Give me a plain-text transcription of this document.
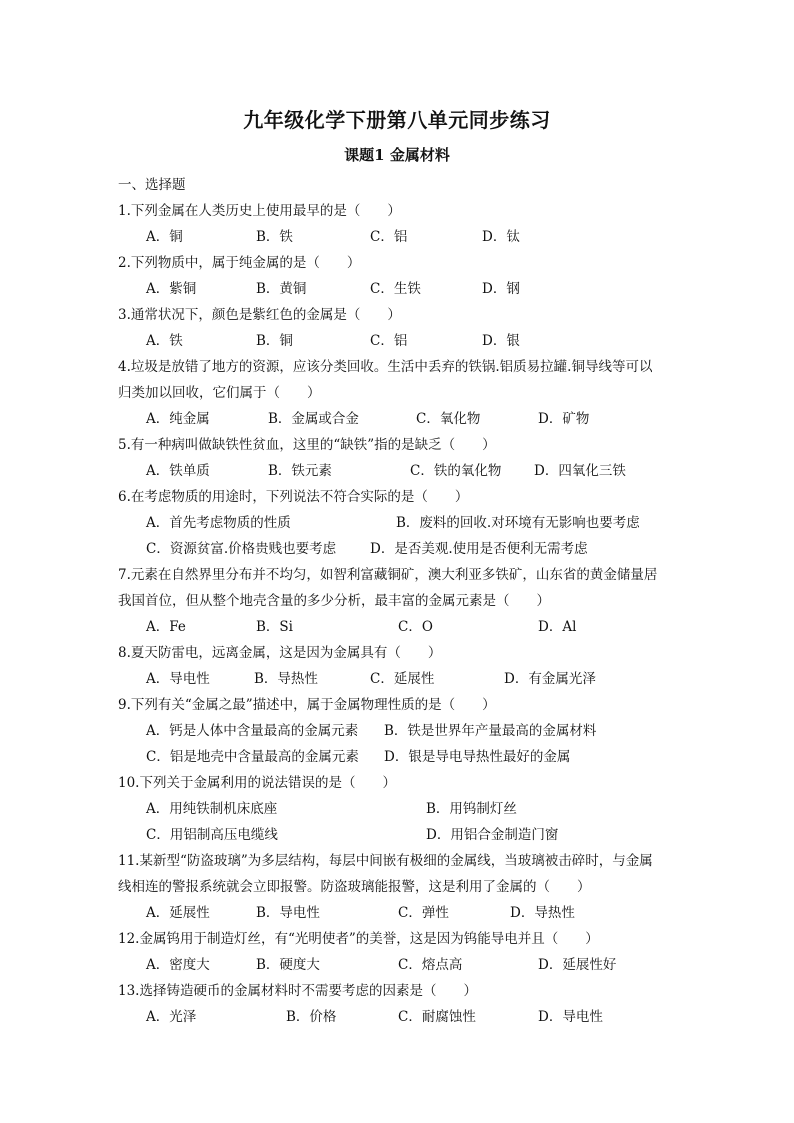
九年级化学下册第八单元同步练习
课题1 金属材料
一、选择题
1.下列金属在人类历史上使用最早的是（　　）
A．铜	B．铁	C．铝	D．钛
2.下列物质中，属于纯金属的是（　　）
A．紫铜	B．黄铜	C．生铁	D．钢
3.通常状况下，颜色是紫红色的金属是（　　）
A．铁	B．铜	C．铝	D．银
4.垃圾是放错了地方的资源，应该分类回收。生活中丢弃的铁锅.铝质易拉罐.铜导线等可以
归类加以回收，它们属于（　　）
A．纯金属	B．金属或合金	C．氧化物	D．矿物
5.有一种病叫做缺铁性贫血，这里的“缺铁”指的是缺乏（　　）
A．铁单质	B．铁元素	C．铁的氧化物 D．四氧化三铁
6.在考虑物质的用途时，下列说法不符合实际的是（　　）
A．首先考虑物质的性质	B．废料的回收.对环境有无影响也要考虑
C．资源贫富.价格贵贱也要考虑	D．是否美观.使用是否便利无需考虑
7.元素在自然界里分布并不均匀，如智利富藏铜矿，澳大利亚多铁矿，山东省的黄金储量居
我国首位，但从整个地壳含量的多少分析，最丰富的金属元素是（　　）
A．Fe	B．Si	C．O	D．Al
8.夏天防雷电，远离金属，这是因为金属具有（　　）
A．导电性	B．导热性	C．延展性	D．有金属光泽
9.下列有关“金属之最”描述中，属于金属物理性质的是（　　）
A．钙是人体中含量最高的金属元素 B．铁是世界年产量最高的金属材料
C．铝是地壳中含量最高的金属元素 D．银是导电导热性最好的金属
10.下列关于金属利用的说法错误的是（　　）
A．用纯铁制机床底座	B．用钨制灯丝
C．用铝制高压电缆线	D．用铝合金制造门窗
11.某新型“防盗玻璃”为多层结构，每层中间嵌有极细的金属线，当玻璃被击碎时，与金属
线相连的警报系统就会立即报警。防盗玻璃能报警，这是利用了金属的（　　）
A．延展性	B．导电性	C．弹性	D．导热性
12.金属钨用于制造灯丝，有“光明使者”的美誉，这是因为钨能导电并且（　　）
A．密度大	B．硬度大	C．熔点高	D．延展性好
13.选择铸造硬币的金属材料时不需要考虑的因素是（　　）
A．光泽	B．价格	C．耐腐蚀性	D．导电性
